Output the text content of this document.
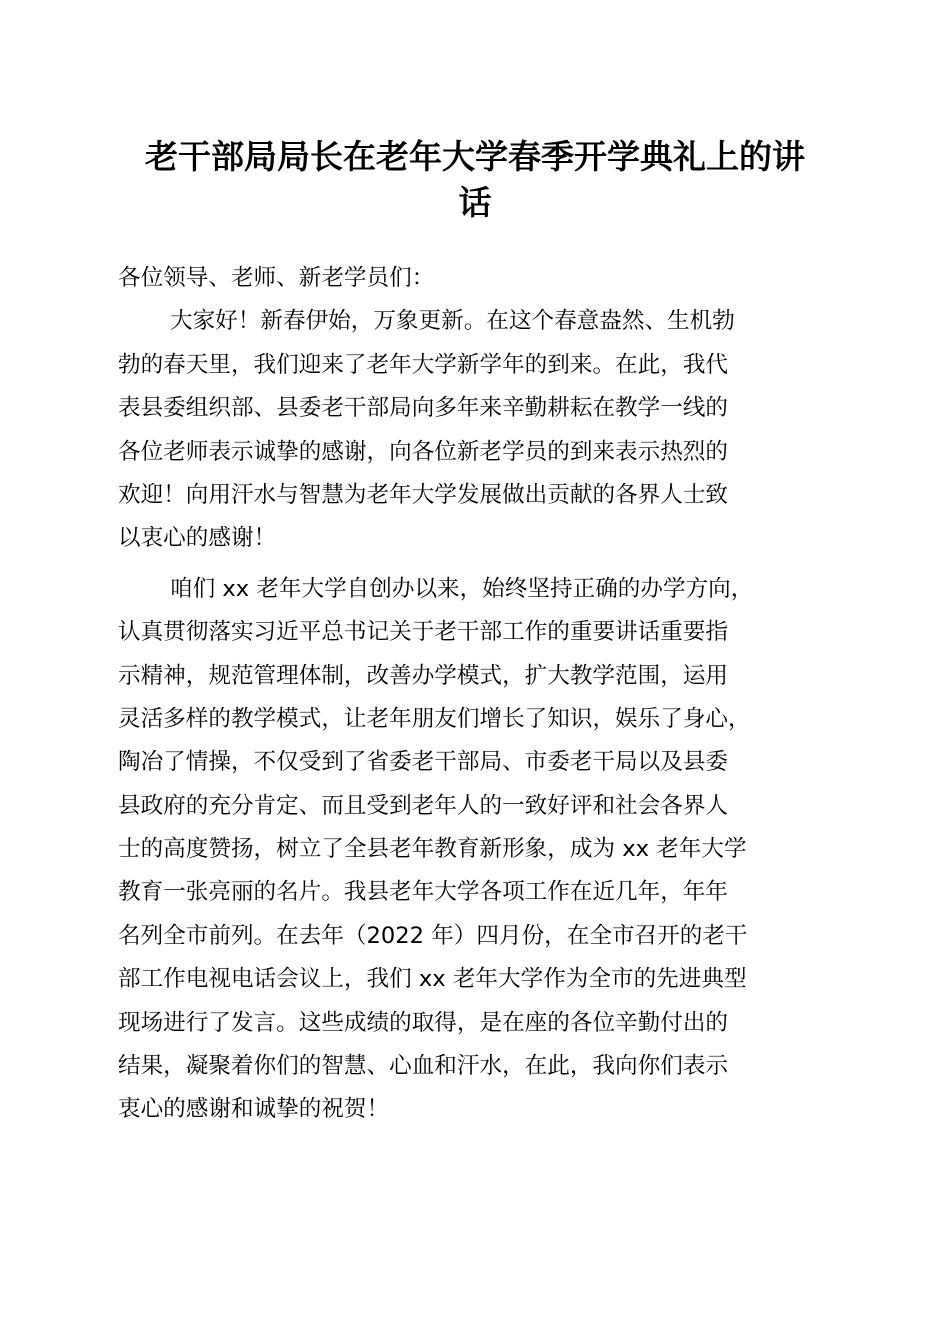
老干部局局长在老年大学春季开学典礼上的讲
话
各位领导、老师、新老学员们：
大家好！新春伊始，万象更新。在这个春意盎然、生机勃
勃的春天里，我们迎来了老年大学新学年的到来。在此，我代
表县委组织部、县委老干部局向多年来辛勤耕耘在教学一线的
各位老师表示诚挚的感谢，向各位新老学员的到来表示热烈的
欢迎！向用汗水与智慧为老年大学发展做出贡献的各界人士致
以衷心的感谢！
咱们 xx 老年大学自创办以来，始终坚持正确的办学方向，
认真贯彻落实习近平总书记关于老干部工作的重要讲话重要指
示精神，规范管理体制，改善办学模式，扩大教学范围，运用
灵活多样的教学模式，让老年朋友们增长了知识，娱乐了身心，
陶冶了情操，不仅受到了省委老干部局、市委老干局以及县委
县政府的充分肯定、而且受到老年人的一致好评和社会各界人
士的高度赞扬，树立了全县老年教育新形象，成为 xx 老年大学
教育一张亮丽的名片。我县老年大学各项工作在近几年，年年
名列全市前列。在去年（2022 年）四月份，在全市召开的老干
部工作电视电话会议上，我们 xx 老年大学作为全市的先进典型
现场进行了发言。这些成绩的取得，是在座的各位辛勤付出的
结果，凝聚着你们的智慧、心血和汗水，在此，我向你们表示
衷心的感谢和诚挚的祝贺！
